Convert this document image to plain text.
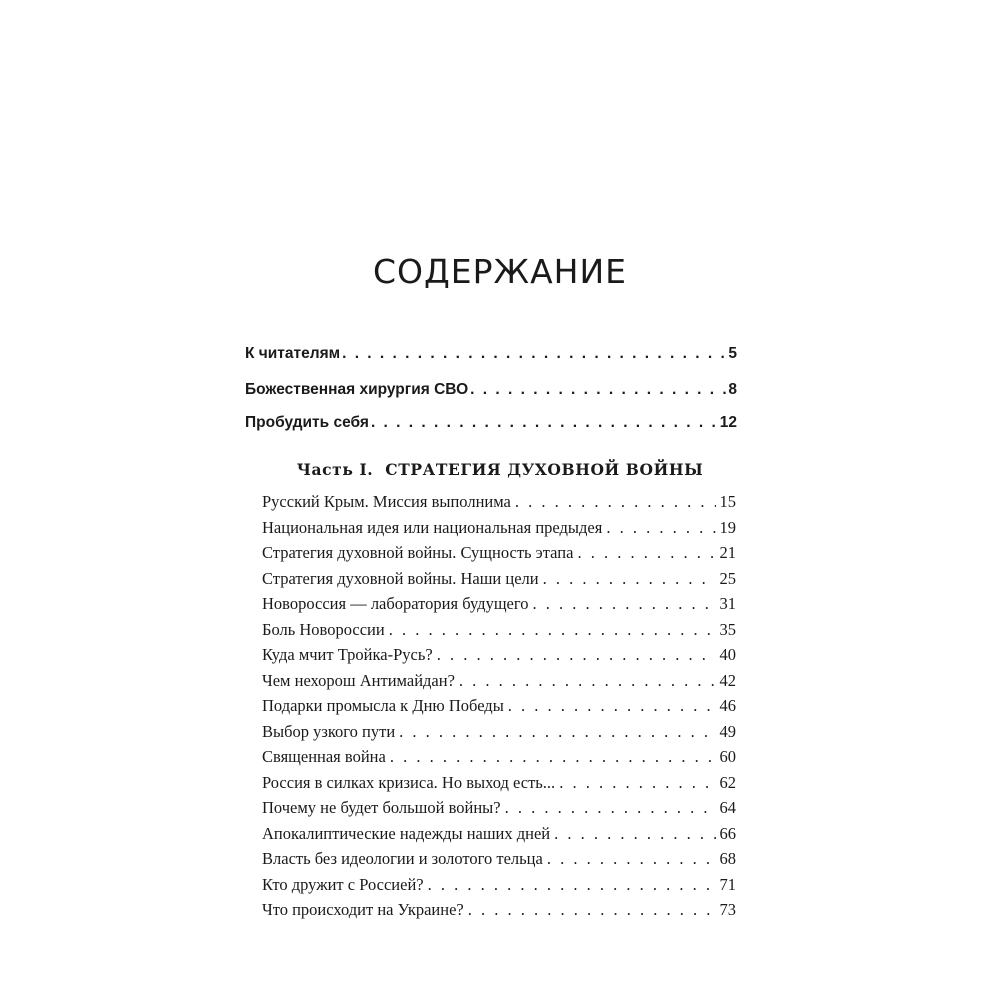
СОДЕРЖАНИЕ
К читателям . . .	5
Божественная хирургия СВО . . .	8
Пробудить себя . . .	12
Часть I. СТРАТЕГИЯ ДУХОВНОЙ ВОЙНЫ
Русский Крым. Миссия выполнима . . .	15
Национальная идея или национальная предыдея . . .	19
Стратегия духовной войны. Сущность этапа . . .	21
Стратегия духовной войны. Наши цели . . .	25
Новороссия — лаборатория будущего . . .	31
Боль Новороссии . . .	35
Куда мчит Тройка-Русь? . . .	40
Чем нехорош Антимайдан? . . .	42
Подарки промысла к Дню Победы . . .	46
Выбор узкого пути . . .	49
Священная война . . .	60
Россия в силках кризиса. Но выход есть... . . .	62
Почему не будет большой войны? . . .	64
Апокалиптические надежды наших дней . . .	66
Власть без идеологии и золотого тельца . . .	68
Кто дружит с Россией? . . .	71
Что происходит на Украине? . . .	73
